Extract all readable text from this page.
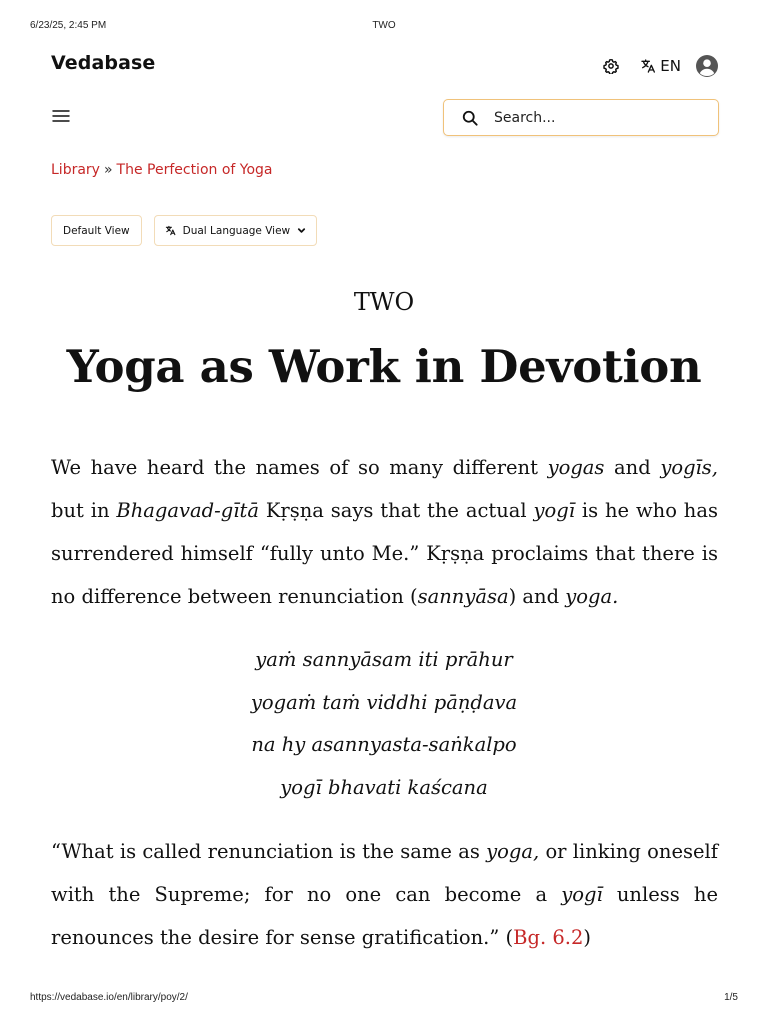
6/23/25, 2:45 PM	TWO
Vedabase	EN
Search...
Library » The Perfection of Yoga
Default View	Dual Language View
TWO
Yoga as Work in Devotion

We have heard the names of so many different yogas and yogīs, but in Bhagavad-gītā Kṛṣṇa says that the actual yogī is he who has surrendered himself “fully unto Me.” Kṛṣṇa proclaims that there is no difference between renunciation (sannyāsa) and yoga.

yaṁ sannyāsam iti prāhur
yogaṁ taṁ viddhi pāṇḍava
na hy asannyasta-saṅkalpo
yogī bhavati kaścana

“What is called renunciation is the same as yoga, or linking oneself with the Supreme; for no one can become a yogī unless he renounces the desire for sense gratification.” (Bg. 6.2)

https://vedabase.io/en/library/poy/2/	1/5
